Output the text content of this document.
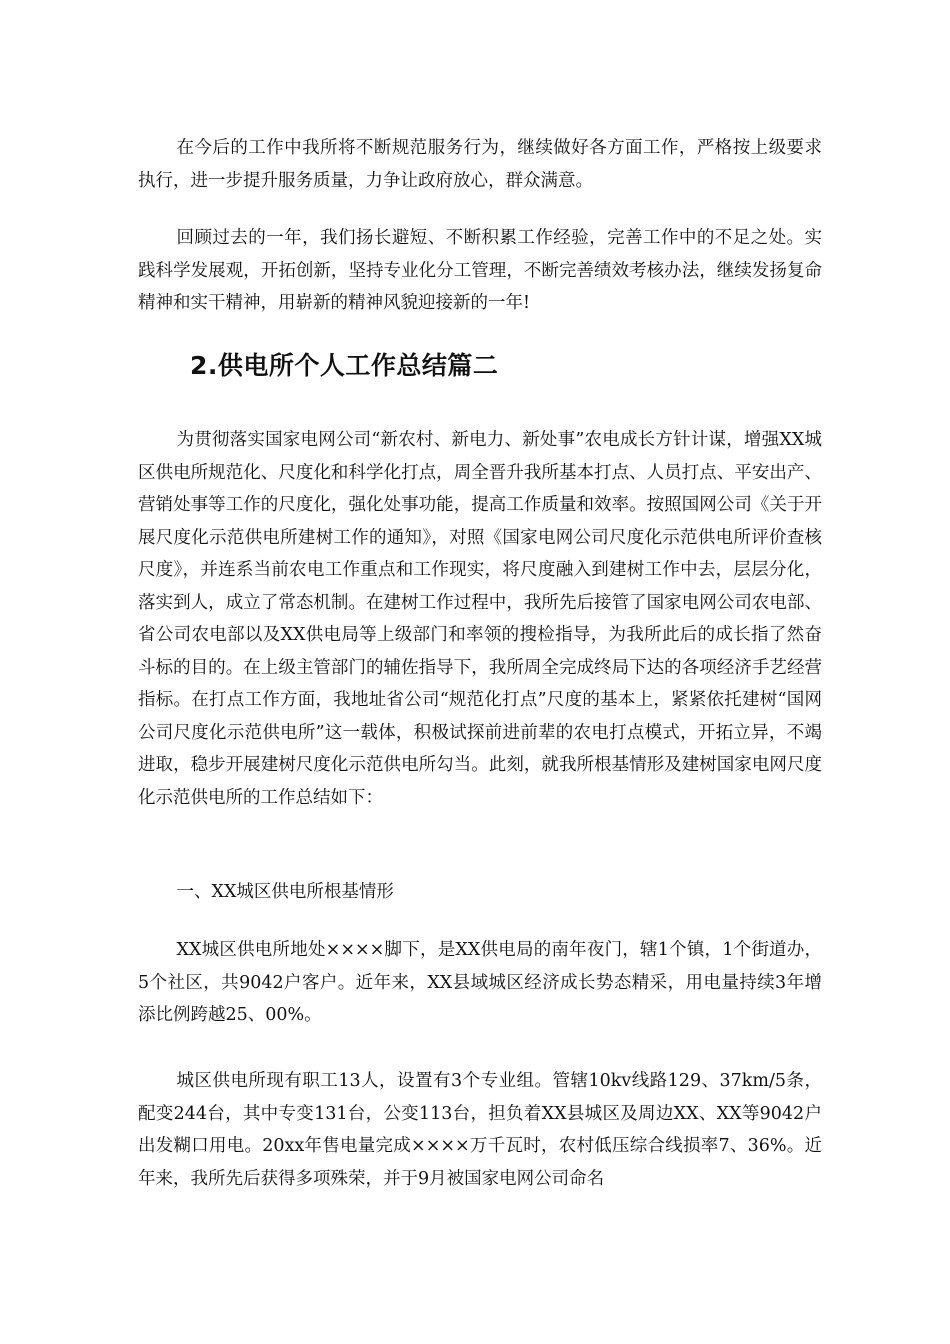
在今后的工作中我所将不断规范服务行为，继续做好各方面工作，严格按上级要求执行，进一步提升服务质量，力争让政府放心，群众满意。

回顾过去的一年，我们扬长避短、不断积累工作经验，完善工作中的不足之处。实践科学发展观，开拓创新，坚持专业化分工管理，不断完善绩效考核办法，继续发扬复命精神和实干精神，用崭新的精神风貌迎接新的一年!

2.供电所个人工作总结篇二

为贯彻落实国家电网公司“新农村、新电力、新处事”农电成长方针计谋，增强XX城区供电所规范化、尺度化和科学化打点，周全晋升我所基本打点、人员打点、平安出产、营销处事等工作的尺度化，强化处事功能，提高工作质量和效率。按照国网公司《关于开展尺度化示范供电所建树工作的通知》，对照《国家电网公司尺度化示范供电所评价查核尺度》，并连系当前农电工作重点和工作现实，将尺度融入到建树工作中去，层层分化，落实到人，成立了常态机制。在建树工作过程中，我所先后接管了国家电网公司农电部、省公司农电部以及XX供电局等上级部门和率领的搜检指导，为我所此后的成长指了然奋斗标的目的。在上级主管部门的辅佐指导下，我所周全完成终局下达的各项经济手艺经营指标。在打点工作方面，我地址省公司“规范化打点”尺度的基本上，紧紧依托建树“国网公司尺度化示范供电所”这一载体，积极试探前进前辈的农电打点模式，开拓立异，不竭进取，稳步开展建树尺度化示范供电所勾当。此刻，就我所根基情形及建树国家电网尺度化示范供电所的工作总结如下：

一、XX城区供电所根基情形

XX城区供电所地处××××脚下，是XX供电局的南年夜门，辖1个镇，1个街道办，5个社区，共9042户客户。近年来，XX县域城区经济成长势态精采，用电量持续3年增添比例跨越25、00%。

城区供电所现有职工13人，设置有3个专业组。管辖10kv线路129、37km/5条，配变244台，其中专变131台，公变113台，担负着XX县城区及周边XX、XX等9042户出发糊口用电。20xx年售电量完成××××万千瓦时，农村低压综合线损率7、36%。近年来，我所先后获得多项殊荣，并于9月被国家电网公司命名
